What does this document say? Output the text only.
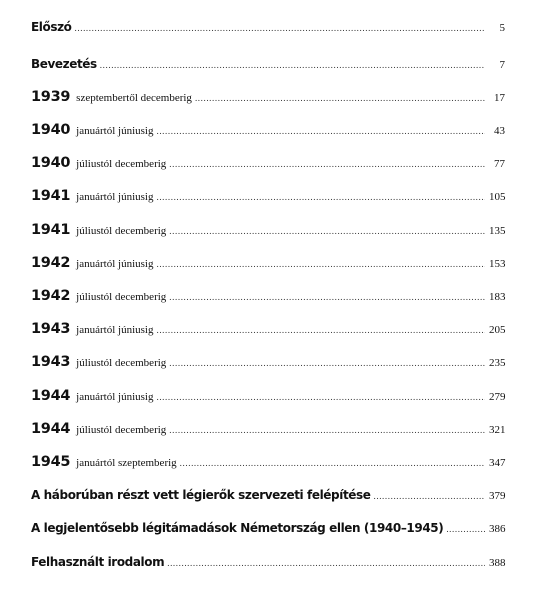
Előszó .....	5
Bevezetés .....	7
1939 szeptembertől decemberig .....	17
1940 januártól júniusig .....	43
1940 júliustól decemberig .....	77
1941 januártól júniusig .....	105
1941 júliustól decemberig .....	135
1942 januártól júniusig .....	153
1942 júliustól decemberig .....	183
1943 januártól júniusig .....	205
1943 júliustól decemberig .....	235
1944 januártól júniusig .....	279
1944 júliustól decemberig .....	321
1945 januártól szeptemberig .....	347
A háborúban részt vett légierők szervezeti felépítése .....	379
A legjelentősebb légitámadások Németország ellen (1940–1945) .....	386
Felhasznált irodalom .....	388
